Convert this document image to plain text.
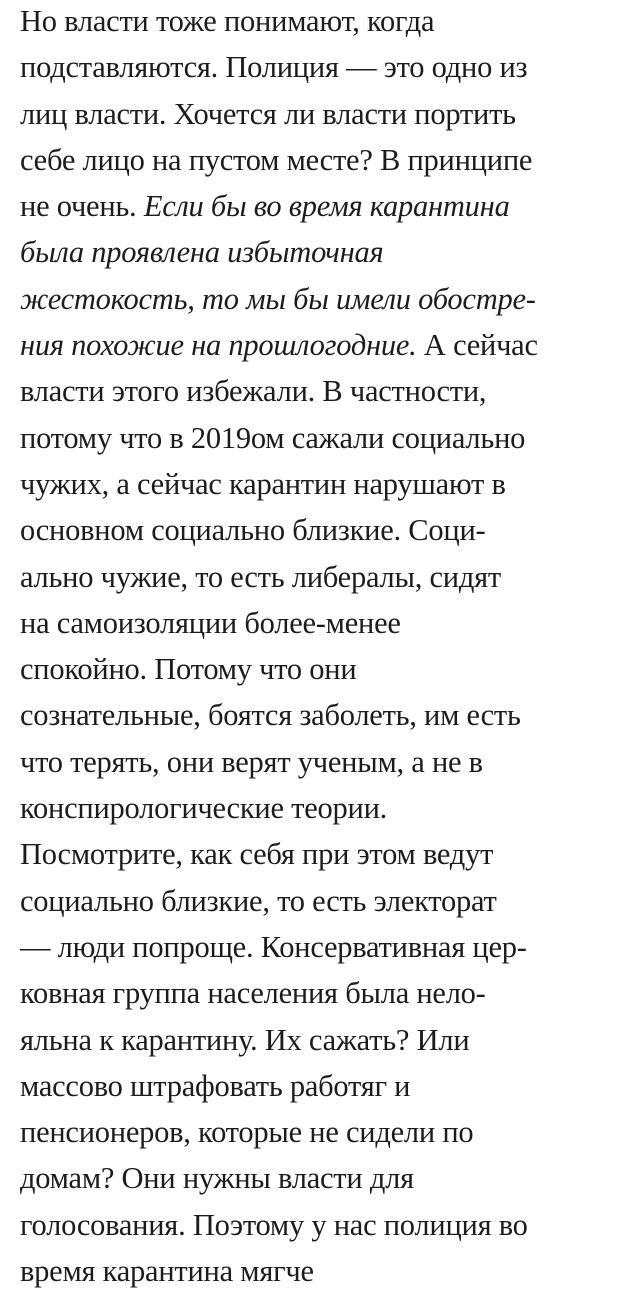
Но власти тоже понимают, когда
подставляются. Полиция — это одно из
лиц власти. Хочется ли власти портить
себе лицо на пустом месте? В принципе
не очень. Если бы во время карантина
была проявлена избыточная
жестокость, то мы бы имели обостре-
ния похожие на прошлогодние. А сейчас
власти этого избежали. В частности,
потому что в 2019ом сажали социально
чужих, а сейчас карантин нарушают в
основном социально близкие. Соци-
ально чужие, то есть либералы, сидят
на самоизоляции более-менее
спокойно. Потому что они
сознательные, боятся заболеть, им есть
что терять, они верят ученым, а не в
конспирологические теории.
Посмотрите, как себя при этом ведут
социально близкие, то есть электорат
— люди попроще. Консервативная цер-
ковная группа населения была нело-
яльна к карантину. Их сажать? Или
массово штрафовать работяг и
пенсионеров, которые не сидели по
домам? Они нужны власти для
голосования. Поэтому у нас полиция во
время карантина мягче
